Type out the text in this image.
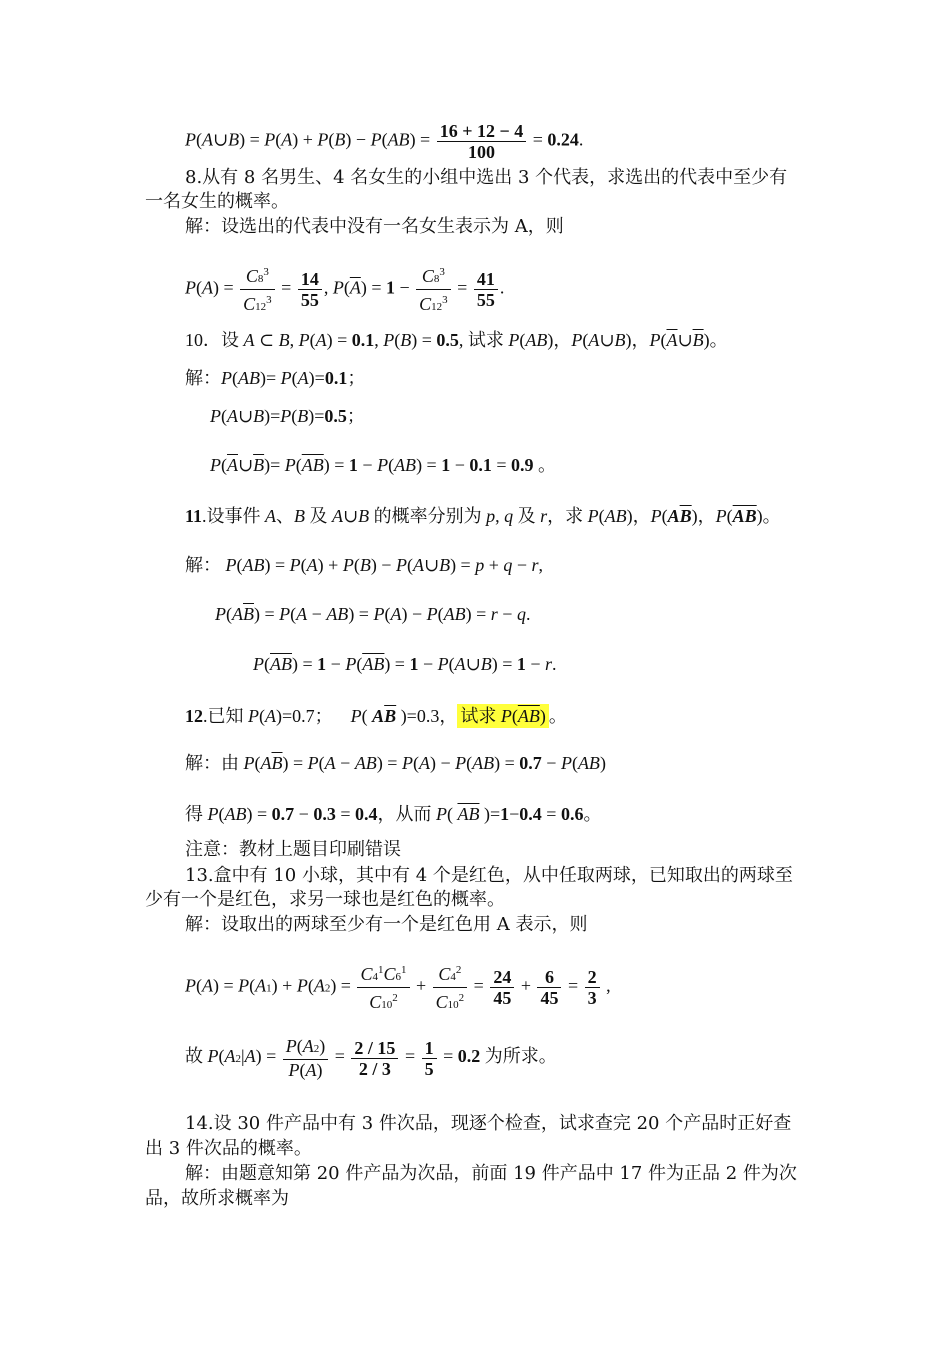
P(A∪B) = $P(A) + P(B) - P(AB) = \frac{16 + 12 - 4}{100} = 0.24$.
8.从有 8 名男生、4 名女生的小组中选出 3 个代表，求选出的代表中至少有
一名女生的概率。
解：设选出的代表中没有一名女生表示为 A，则
$P(A) = \frac{C8^3}{C12^3} = \frac{14}{55}$ , $P(\overline{A}) = 1 - \frac{C8^3}{C12^3} = \frac{41}{55}$ .
10．设 A ⊂ B, P(A) = 0.1, P(B) = 0.5, 试求 P(AB)，P(A∪B)，$P(\overline{A}\cup\overline{B})$。
解：P(AB)= P(A)=0.1；
P(A∪B)=P(B)=0.5；
$P(\overline{A}\cup\overline{B})= P(\overline{AB}) = 1 - P(AB) = 1 - 0.1 = 0.9$ 。
11.设事件 A、B 及 A∪B 的概率分别为 p, q 及 r，求 P(AB)，$P(A\overline{B})$，$P(\overline{AB})$。
解： P(AB) = P(A) + P(B) − P(A∪B) = p + q − r,
$P(A\overline{B}) = P(A - AB) = P(A) - P(AB) = r - q$.
$P(\overline{A}\overline{B}) = 1 - P(AB) = 1$ − P(A∪B) = 1 − r.
12.已知 P(A)=0.7；    P( $A\overline{B}$ )=0.3， 试求 $P(\overline{AB})$ 。
解：由 $P(A\overline{B}) = P(A - AB) = P(A) - P(AB) = 0.7 - P(AB)$
得 P(AB) = 0.7 − 0.3 = 0.4，从而 P( $\overline{AB}$ )=1−0.4 = 0.6。
注意：教材上题目印刷错误
13.盒中有 10 小球，其中有 4 个是红色，从中任取两球，已知取出的两球至
少有一个是红色，求另一球也是红色的概率。
解：设取出的两球至少有一个是红色用 A 表示，则
$P(A) = P(A1) + P(A2) = \frac{C4^1C6^1}{C10^2} + \frac{C4^2}{C10^2} = \frac{24}{45} + \frac{6}{45} = \frac{2}{3}$ ,
故 $P(A2|A) = \frac{P(A2)}{P(A)} = \frac{2 / 15}{2 / 3} = \frac{1}{5} = 0.2$ 为所求。
14.设 30 件产品中有 3 件次品，现逐个检查，试求查完 20 个产品时正好查
出 3 件次品的概率。
解：由题意知第 20 件产品为次品，前面 19 件产品中 17 件为正品 2 件为次
品，故所求概率为
